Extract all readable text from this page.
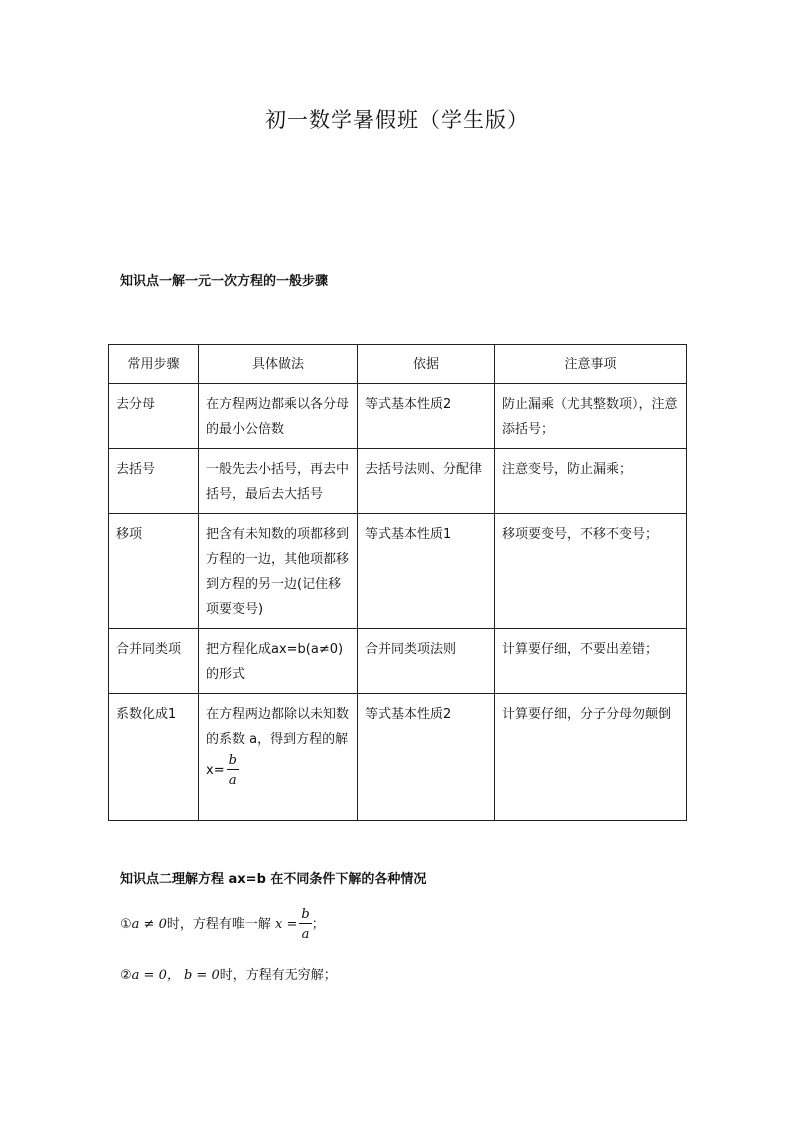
初一数学暑假班（学生版）
知识点一解一元一次方程的一般步骤
常用步骤	具体做法	依据	注意事项
去分母	在方程两边都乘以各分母的最小公倍数	等式基本性质2	防止漏乘（尤其整数项），注意添括号；
去括号	一般先去小括号，再去中括号，最后去大括号	去括号法则、分配律	注意变号，防止漏乘；
移项	把含有未知数的项都移到方程的一边，其他项都移到方程的另一边(记住移项要变号)	等式基本性质1	移项要变号，不移不变号；
合并同类项	把方程化成ax=b(a≠0)的形式	合并同类项法则	计算要仔细，不要出差错；
系数化成1	在方程两边都除以未知数的系数 a，得到方程的解 $x= \frac{b}{a}$	等式基本性质2	计算要仔细，分子分母勿颠倒
知识点二理解方程 ax=b 在不同条件下解的各种情况
①a ≠ 0时，方程有唯一解 $x = \frac{b}{a}$ ；
②a = 0， b = 0时，方程有无穷解；
